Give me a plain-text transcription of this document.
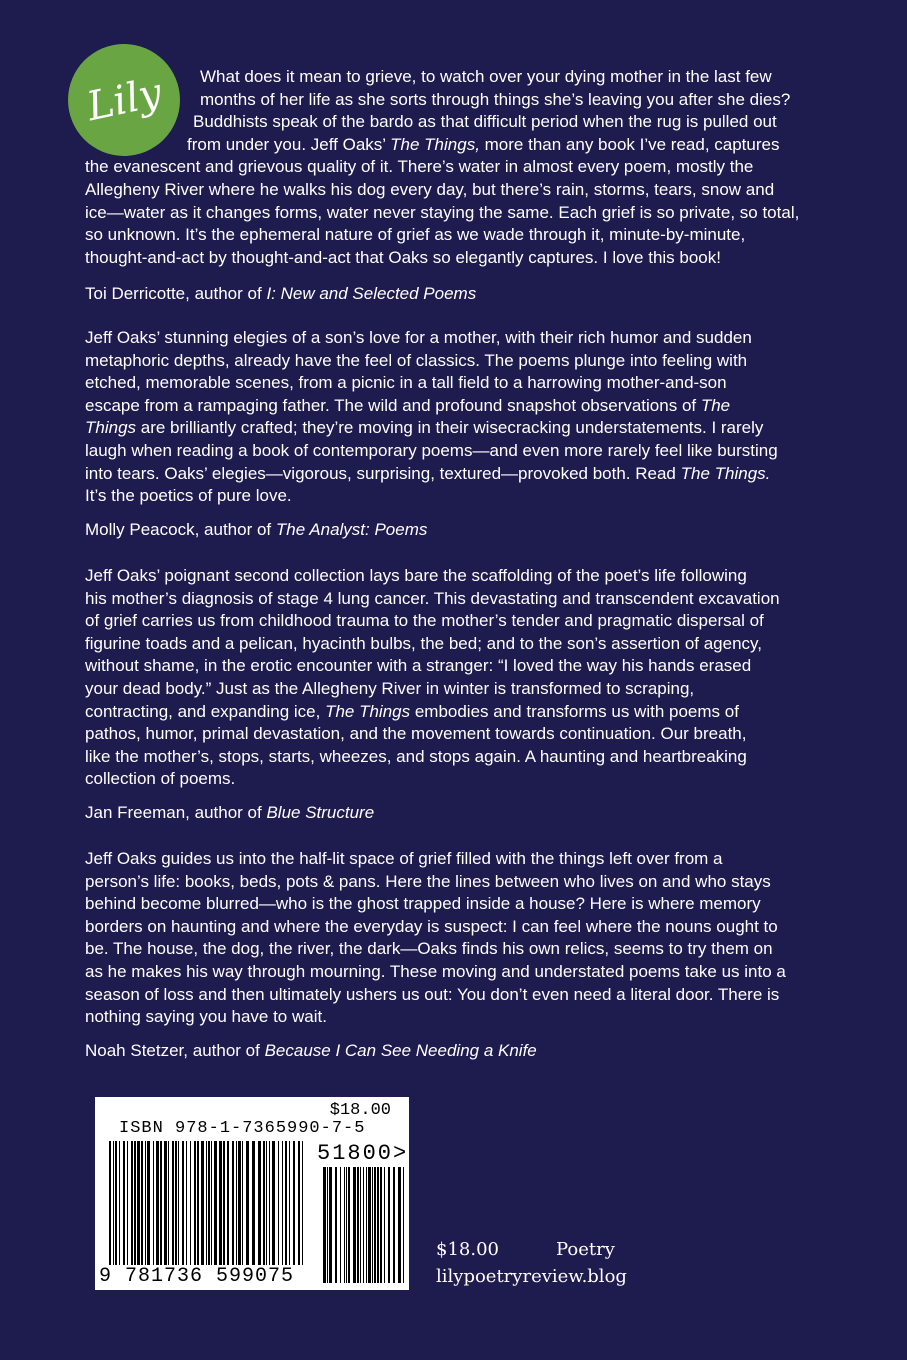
Lily	What does it mean to grieve, to watch over your dying mother in the last few
months of her life as she sorts through things she’s leaving you after she dies?
Buddhists speak of the bardo as that difficult period when the rug is pulled out
from under you. Jeff Oaks’ The Things, more than any book I’ve read, captures
the evanescent and grievous quality of it. There’s water in almost every poem, mostly the
Allegheny River where he walks his dog every day, but there’s rain, storms, tears, snow and
ice—water as it changes forms, water never staying the same. Each grief is so private, so total,
so unknown. It’s the ephemeral nature of grief as we wade through it, minute-by-minute,
thought-and-act by thought-and-act that Oaks so elegantly captures. I love this book!
Toi Derricotte, author of I: New and Selected Poems
Jeff Oaks’ stunning elegies of a son’s love for a mother, with their rich humor and sudden
metaphoric depths, already have the feel of classics. The poems plunge into feeling with
etched, memorable scenes, from a picnic in a tall field to a harrowing mother-and-son
escape from a rampaging father. The wild and profound snapshot observations of The
Things are brilliantly crafted; they’re moving in their wisecracking understatements. I rarely
laugh when reading a book of contemporary poems—and even more rarely feel like bursting
into tears. Oaks’ elegies—vigorous, surprising, textured—provoked both. Read The Things.
It’s the poetics of pure love.
Molly Peacock, author of The Analyst: Poems
Jeff Oaks’ poignant second collection lays bare the scaffolding of the poet’s life following
his mother’s diagnosis of stage 4 lung cancer. This devastating and transcendent excavation
of grief carries us from childhood trauma to the mother’s tender and pragmatic dispersal of
figurine toads and a pelican, hyacinth bulbs, the bed; and to the son’s assertion of agency,
without shame, in the erotic encounter with a stranger: “I loved the way his hands erased
your dead body.” Just as the Allegheny River in winter is transformed to scraping,
contracting, and expanding ice, The Things embodies and transforms us with poems of
pathos, humor, primal devastation, and the movement towards continuation. Our breath,
like the mother’s, stops, starts, wheezes, and stops again. A haunting and heartbreaking
collection of poems.
Jan Freeman, author of Blue Structure
Jeff Oaks guides us into the half-lit space of grief filled with the things left over from a
person’s life: books, beds, pots & pans. Here the lines between who lives on and who stays
behind become blurred—who is the ghost trapped inside a house? Here is where memory
borders on haunting and where the everyday is suspect: I can feel where the nouns ought to
be. The house, the dog, the river, the dark—Oaks finds his own relics, seems to try them on
as he makes his way through mourning. These moving and understated poems take us into a
season of loss and then ultimately ushers us out: You don’t even need a literal door. There is
nothing saying you have to wait.
Noah Stetzer, author of Because I Can See Needing a Knife
$18.00
ISBN 978-1-7365990-7-5
51800>
9 781736 599075
$18.00	Poetry
lilypoetryreview.blog
